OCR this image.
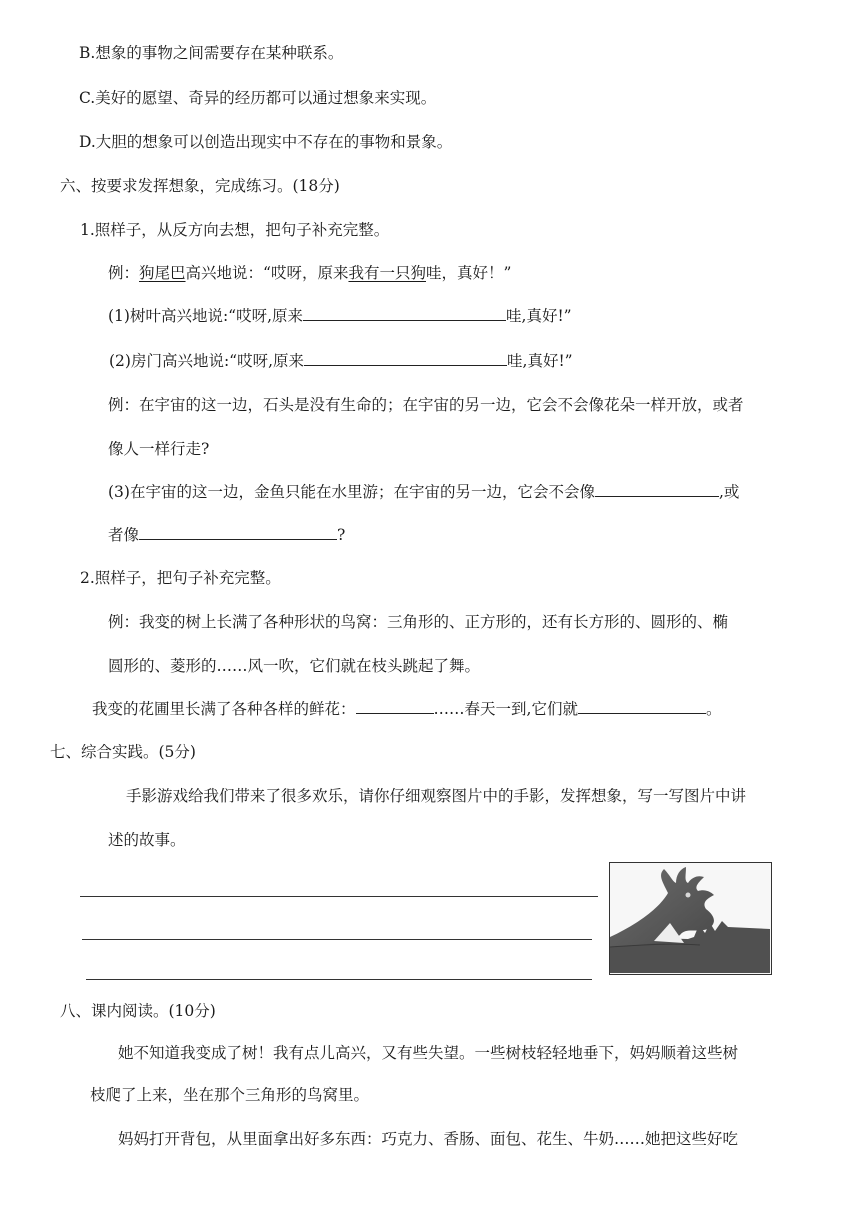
B.想象的事物之间需要存在某种联系。
C.美好的愿望、奇异的经历都可以通过想象来实现。
D.大胆的想象可以创造出现实中不存在的事物和景象。
六、按要求发挥想象，完成练习。(18分)
1.照样子，从反方向去想，把句子补充完整。
例：狗尾巴高兴地说：“哎呀，原来我有一只狗哇，真好！”
(1)树叶高兴地说:“哎呀,原来	哇,真好!”
(2)房门高兴地说:“哎呀,原来	哇,真好!”
例：在宇宙的这一边，石头是没有生命的；在宇宙的另一边，它会不会像花朵一样开放，或者
像人一样行走?
(3)在宇宙的这一边，金鱼只能在水里游；在宇宙的另一边，它会不会像	,或
者像	?
2.照样子，把句子补充完整。
例：我变的树上长满了各种形状的鸟窝：三角形的、正方形的，还有长方形的、圆形的、椭
圆形的、菱形的……风一吹，它们就在枝头跳起了舞。
我变的花圃里长满了各种各样的鲜花：	……春天一到,它们就	。
七、综合实践。(5分)
手影游戏给我们带来了很多欢乐，请你仔细观察图片中的手影，发挥想象，写一写图片中讲
述的故事。
八、课内阅读。(10分)
她不知道我变成了树！我有点儿高兴，又有些失望。一些树枝轻轻地垂下，妈妈顺着这些树
枝爬了上来，坐在那个三角形的鸟窝里。
妈妈打开背包，从里面拿出好多东西：巧克力、香肠、面包、花生、牛奶……她把这些好吃
